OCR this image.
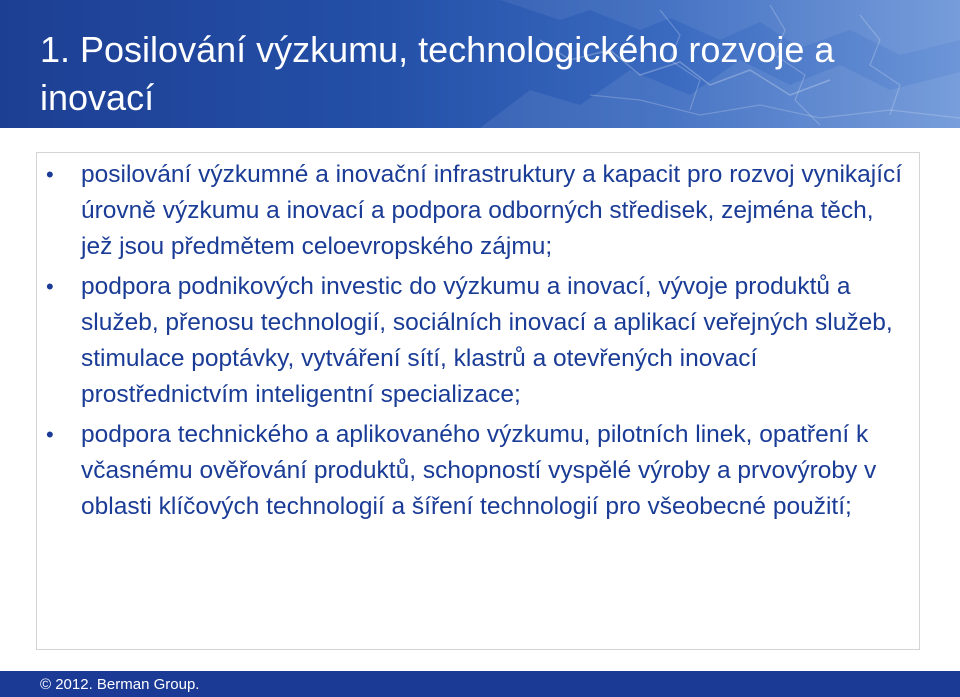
1. Posilování výzkumu, technologického rozvoje a inovací
• posilování výzkumné a inovační infrastruktury a kapacit pro rozvoj vynikající úrovně výzkumu a inovací a podpora odborných středisek, zejména těch, jež jsou předmětem celoevropského zájmu;
• podpora podnikových investic do výzkumu a inovací, vývoje produktů a služeb, přenosu technologií, sociálních inovací a aplikací veřejných služeb, stimulace poptávky, vytváření sítí, klastrů a otevřených inovací prostřednictvím inteligentní specializace;
• podpora technického a aplikovaného výzkumu, pilotních linek, opatření k včasnému ověřování produktů, schopností vyspělé výroby a prvovýroby v oblasti klíčových technologií a šíření technologií pro všeobecné použití;
© 2012. Berman Group.
